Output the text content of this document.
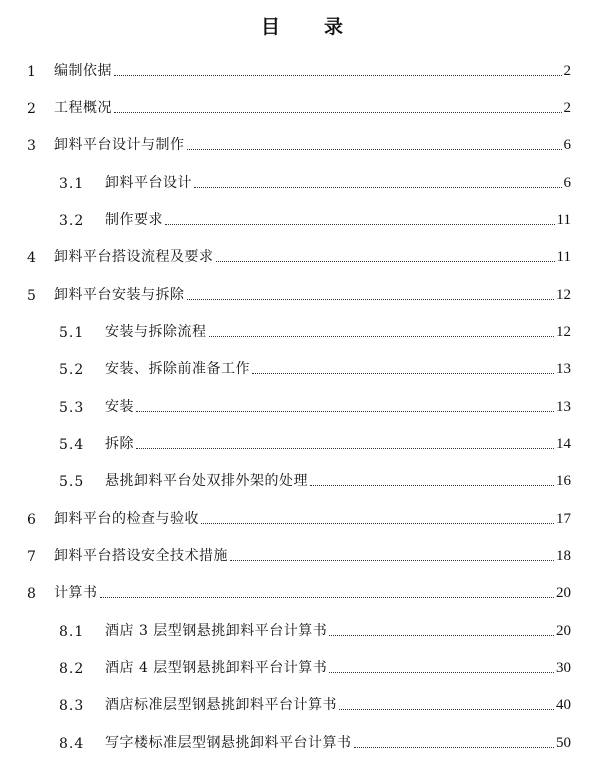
目 录
1	编制依据	2
2	工程概况	2
3	卸料平台设计与制作	6
3.1	卸料平台设计	6
3.2	制作要求	11
4	卸料平台搭设流程及要求	11
5	卸料平台安装与拆除	12
5.1	安装与拆除流程	12
5.2	安装、拆除前准备工作	13
5.3	安装	13
5.4	拆除	14
5.5	悬挑卸料平台处双排外架的处理	16
6	卸料平台的检查与验收	17
7	卸料平台搭设安全技术措施	18
8	计算书	20
8.1	酒店 3 层型钢悬挑卸料平台计算书	20
8.2	酒店 4 层型钢悬挑卸料平台计算书	30
8.3	酒店标准层型钢悬挑卸料平台计算书	40
8.4	写字楼标准层型钢悬挑卸料平台计算书	50
